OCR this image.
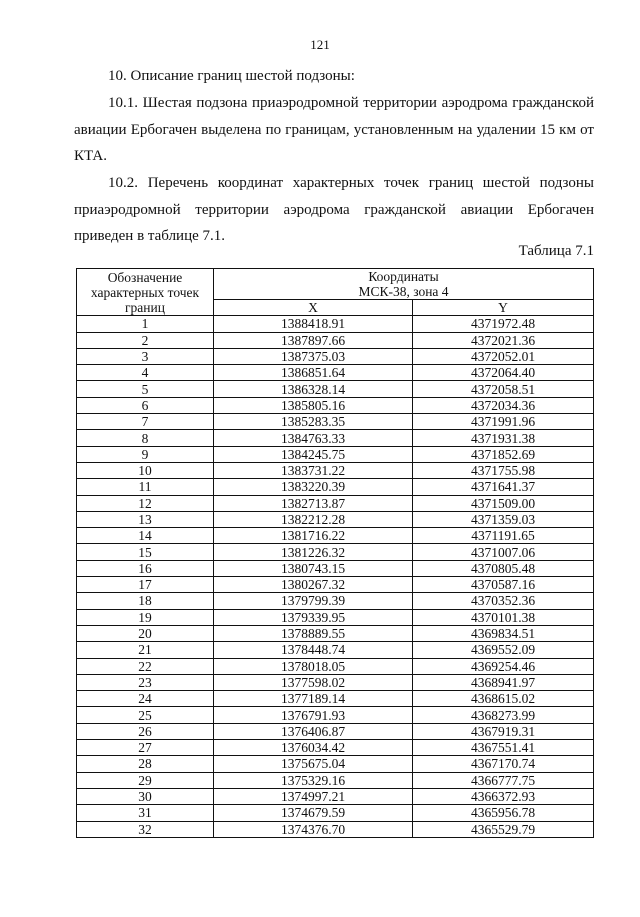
121
10. Описание границ шестой подзоны:
10.1. Шестая подзона приаэродромной территории аэродрома гражданской авиации Ербогачен выделена по границам, установленным на удалении 15 км от КТА.
10.2. Перечень координат характерных точек границ шестой подзоны приаэродромной территории аэродрома гражданской авиации Ербогачен приведен в таблице 7.1.
Таблица 7.1
Обозначение характерных точек границ	Координаты
МСК-38, зона 4	
	X	Y
1	1388418.91	4371972.48
2	1387897.66	4372021.36
3	1387375.03	4372052.01
4	1386851.64	4372064.40
5	1386328.14	4372058.51
6	1385805.16	4372034.36
7	1385283.35	4371991.96
8	1384763.33	4371931.38
9	1384245.75	4371852.69
10	1383731.22	4371755.98
11	1383220.39	4371641.37
12	1382713.87	4371509.00
13	1382212.28	4371359.03
14	1381716.22	4371191.65
15	1381226.32	4371007.06
16	1380743.15	4370805.48
17	1380267.32	4370587.16
18	1379799.39	4370352.36
19	1379339.95	4370101.38
20	1378889.55	4369834.51
21	1378448.74	4369552.09
22	1378018.05	4369254.46
23	1377598.02	4368941.97
24	1377189.14	4368615.02
25	1376791.93	4368273.99
26	1376406.87	4367919.31
27	1376034.42	4367551.41
28	1375675.04	4367170.74
29	1375329.16	4366777.75
30	1374997.21	4366372.93
31	1374679.59	4365956.78
32	1374376.70	4365529.79
